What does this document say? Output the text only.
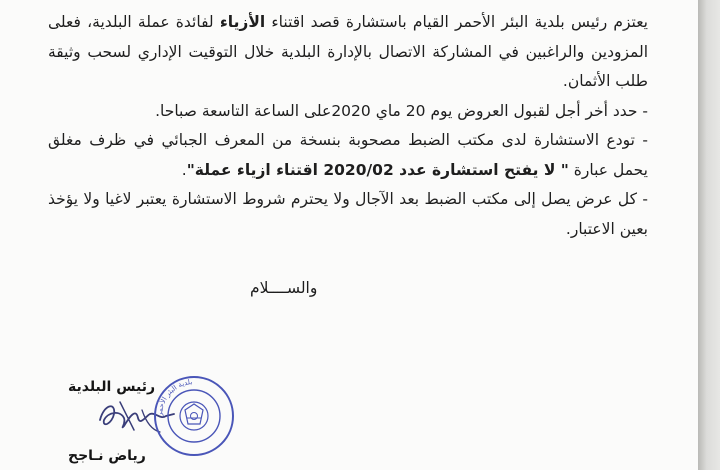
يعتزم رئيس بلدية البئر الأحمر القيام باستشارة قصد اقتناء الأزياء لفائدة عملة البلدية، فعلى المزودين والراغبين في المشاركة الاتصال بالإدارة البلدية خلال التوقيت الإداري لسحب وثيقة طلب الأثمان.

- حدد أخر أجل لقبول العروض يوم 20 ماي 2020على الساعة التاسعة صباحا.

- تودع الاستشارة لدى مكتب الضبط مصحوبة بنسخة من المعرف الجبائي في ظرف مغلق يحمل عبارة " لا يفتح استشارة عدد 2020/02 اقتناء ازياء عملة".

- كل عرض يصل إلى مكتب الضبط بعد الآجال ولا يحترم شروط الاستشارة يعتبر لاغيا ولا يؤخذ بعين الاعتبار.

والســــلام
رئيس البلدية
بلدية البئر الأحمر
رياض نـاجح
